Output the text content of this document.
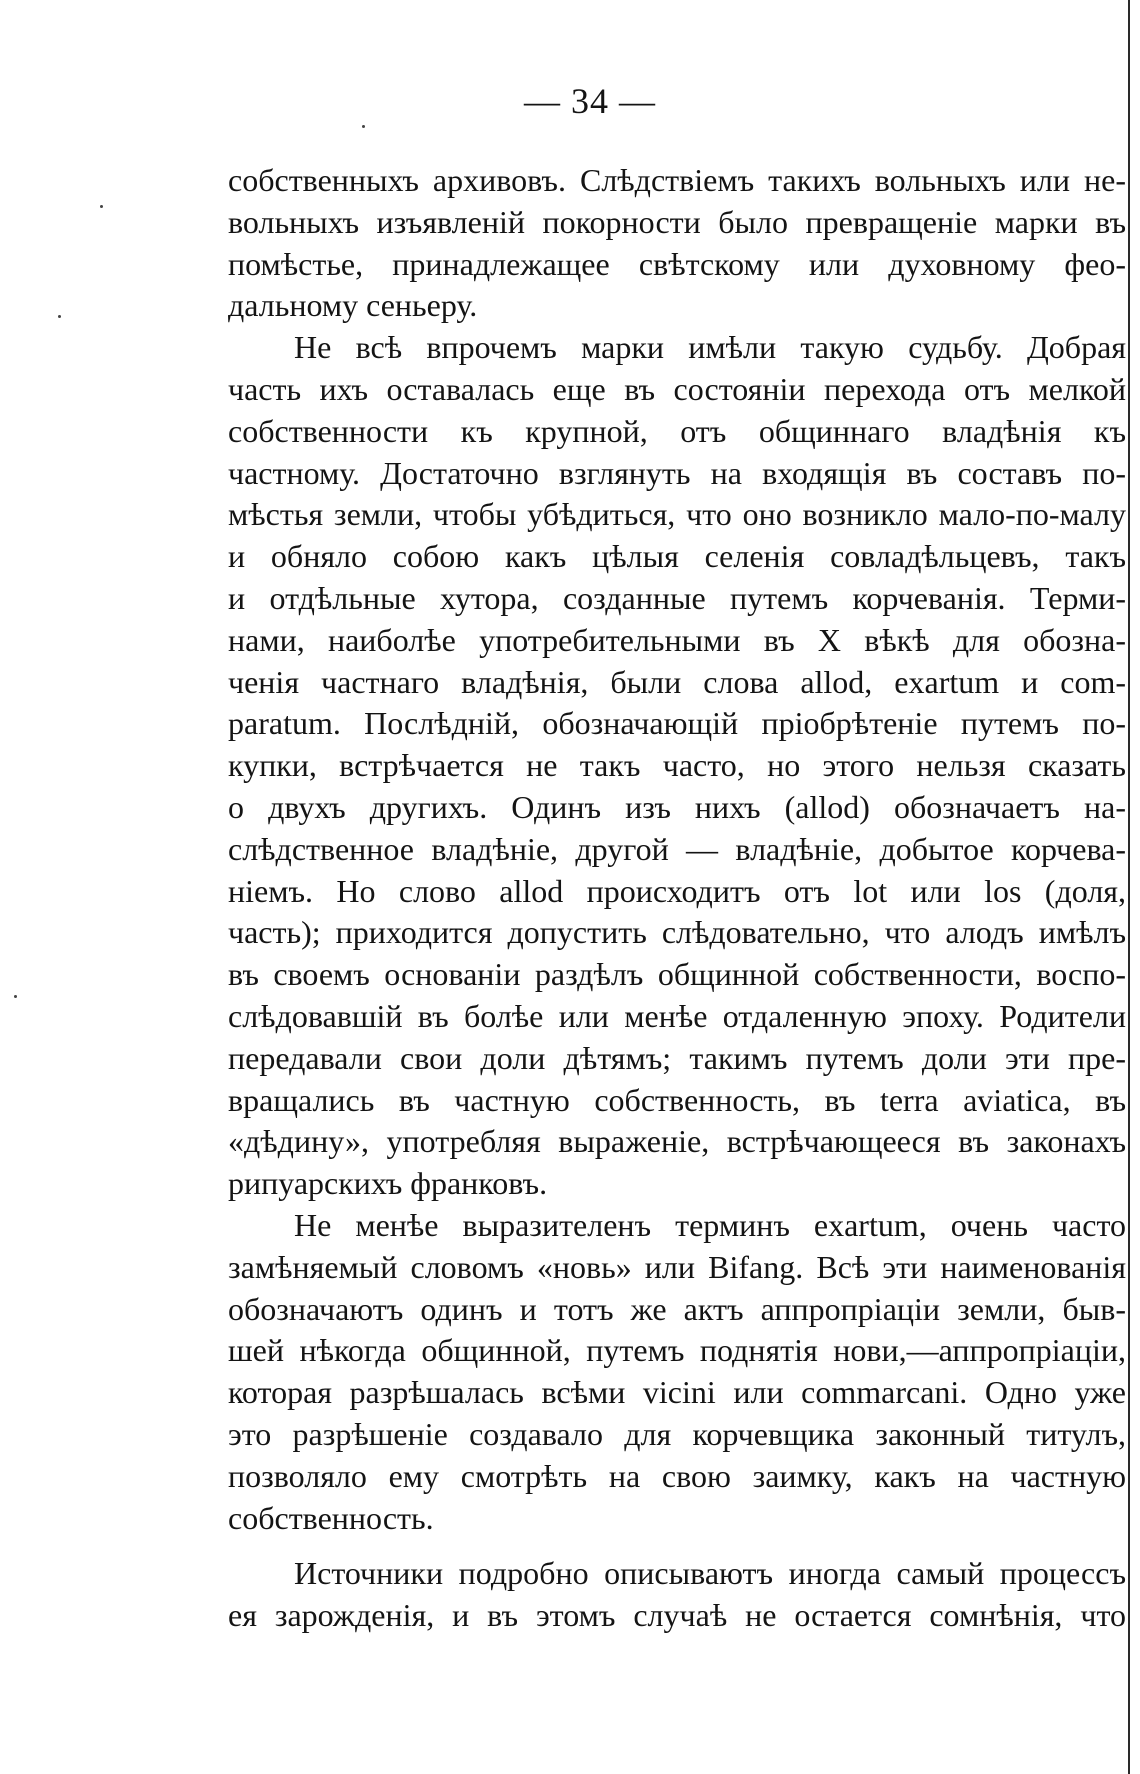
— 34 —
собственныхъ архивовъ. Слѣдствіемъ такихъ вольныхъ или не-
вольныхъ изъявленій покорности было превращеніе марки въ
помѣстье, принадлежащее свѣтскому или духовному фео-
дальному сеньеру.
Не всѣ впрочемъ марки имѣли такую судьбу. Добрая
часть ихъ оставалась еще въ состояніи перехода отъ мелкой
собственности къ крупной, отъ общиннаго владѣнія къ
частному. Достаточно взглянуть на входящія въ составъ по-
мѣстья земли, чтобы убѣдиться, что оно возникло мало-по-малу
и обняло собою какъ цѣлыя селенія совладѣльцевъ, такъ
и отдѣльные хутора, созданные путемъ корчеванія. Терми-
нами, наиболѣе употребительными въ X вѣкѣ для обозна-
ченія частнаго владѣнія, были слова allod, exartum и com-
paratum. Послѣдній, обозначающій пріобрѣтеніе путемъ по-
купки, встрѣчается не такъ часто, но этого нельзя сказать
о двухъ другихъ. Одинъ изъ нихъ (allod) обозначаетъ на-
слѣдственное владѣніе, другой — владѣніе, добытое корчева-
ніемъ. Но слово allod происходитъ отъ lot или los (доля,
часть); приходится допустить слѣдовательно, что алодъ имѣлъ
въ своемъ основаніи раздѣлъ общинной собственности, воспо-
слѣдовавшій въ болѣе или менѣе отдаленную эпоху. Родители
передавали свои доли дѣтямъ; такимъ путемъ доли эти пре-
вращались въ частную собственность, въ terra aviatica, въ
«дѣдину», употребляя выраженіе, встрѣчающееся въ законахъ
рипуарскихъ франковъ.
Не менѣе выразителенъ терминъ exartum, очень часто
замѣняемый словомъ «новь» или Bifang. Всѣ эти наименованія
обозначаютъ одинъ и тотъ же актъ аппропріаціи земли, быв-
шей нѣкогда общинной, путемъ поднятія нови,—аппропріаціи,
которая разрѣшалась всѣми vicini или commarcani. Одно уже
это разрѣшеніе создавало для корчевщика законный титулъ,
позволяло ему смотрѣть на свою заимку, какъ на частную
собственность.
Источники подробно описываютъ иногда самый процессъ
ея зарожденія, и въ этомъ случаѣ не остается сомнѣнія, что
